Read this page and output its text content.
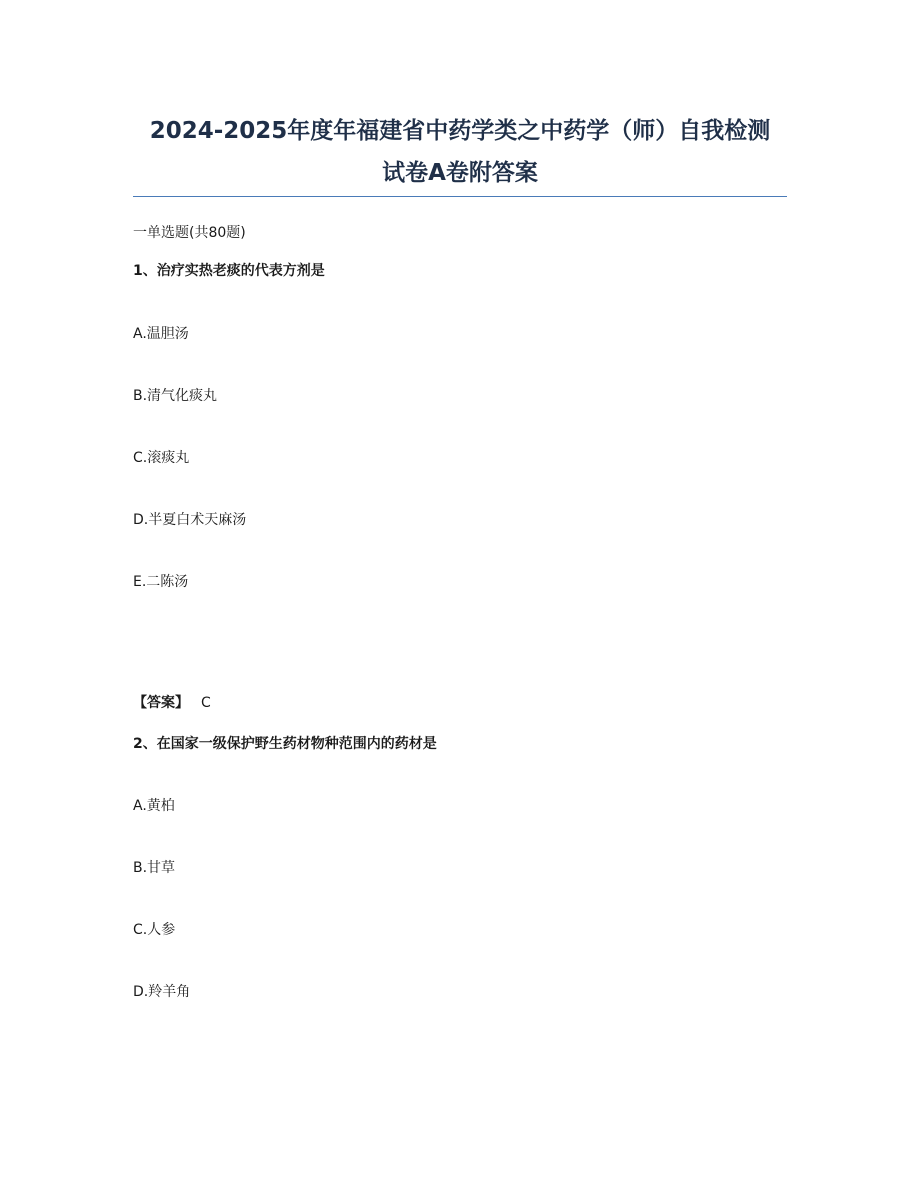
2024-2025年度年福建省中药学类之中药学（师）自我检测
试卷A卷附答案
一单选题(共80题)
1、治疗实热老痰的代表方剂是
A.温胆汤
B.清气化痰丸
C.滚痰丸
D.半夏白术天麻汤
E.二陈汤
【答案】 C
2、在国家一级保护野生药材物种范围内的药材是
A.黄柏
B.甘草
C.人参
D.羚羊角
